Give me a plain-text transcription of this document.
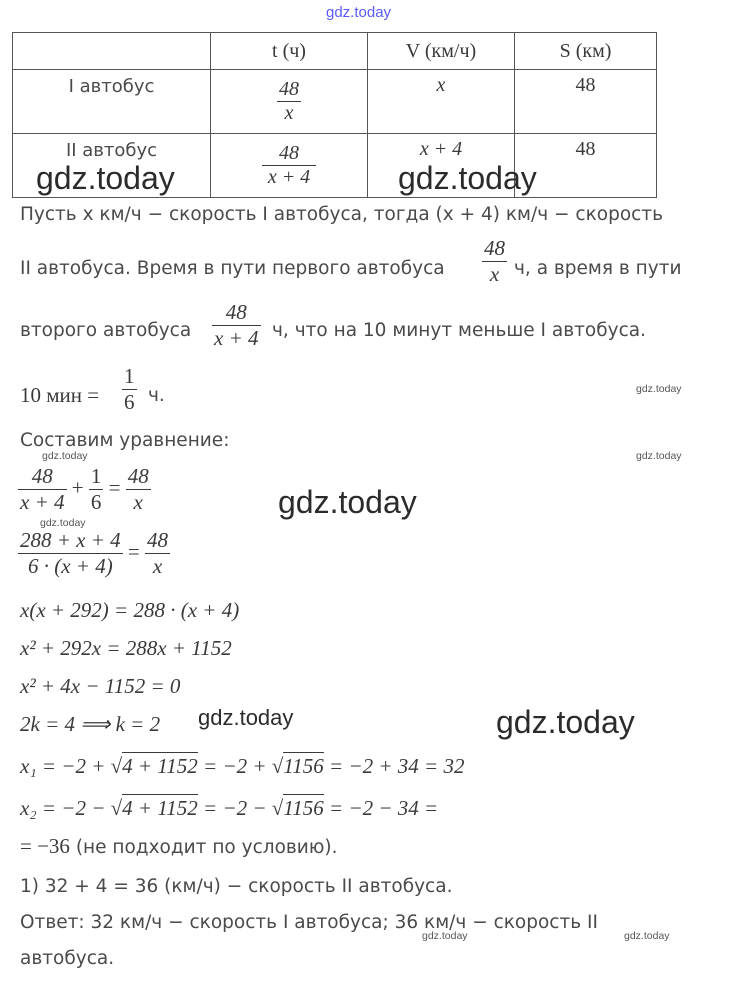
gdz.today
	t (ч)	V (км/ч)	S (км)
I автобус	$\frac{48}{x}$	x	48
II автобус	$\frac{48}{x + 4}$	x + 4	48
gdz.today	gdz.today
Пусть x км/ч − скорость I автобуса, тогда (x + 4) км/ч − скорость
II автобуса. Время в пути первого автобуса $\frac{48}{x} ч$, а время в пути
второго автобуса $\frac{48}{x + 4} ч$, что на 10 минут меньше I автобуса.
10 мин = $\frac{1}{6} ч$.	gdz.today
Составим уравнение:
gdz.today	gdz.today
$\frac{48}{x + 4} + \frac{1}{6} = \frac{48}{x}$	gdz.today
gdz.today
$\frac{288 + x + 4}{6 \cdot (x + 4)} = \frac{48}{x}$
x(x + 292) = 288 · (x + 4)
x² + 292x = 288x + 1152
x² + 4x − 1152 = 0
2k = 4 ⟹ k = 2 gdz.today	gdz.today
x₁ = −2 + √4 + 1152 = −2 + √1156 = −2 + 34 = 32
x₂ = −2 − √4 + 1152 = −2 − √1156 = −2 − 34 =
= −36 (не подходит по условию).
1) 32 + 4 = 36 (км/ч) − скорость II автобуса.
Ответ: 32 км/ч − скорость I автобуса; 36 км/ч − скорость II
gdz.today	gdz.today
автобуса.
